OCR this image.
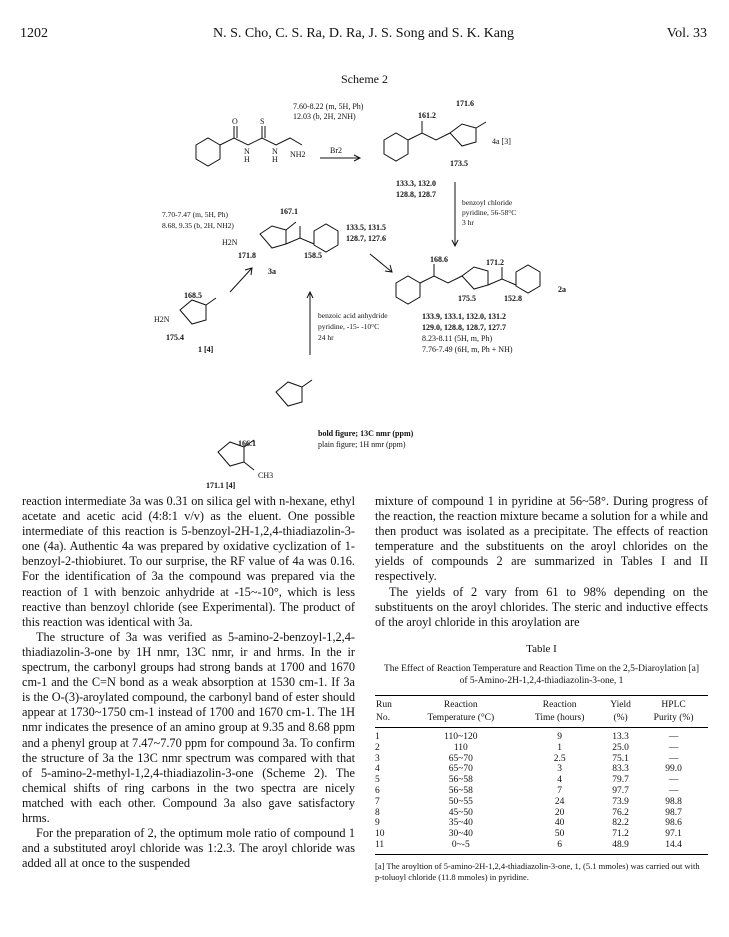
1202	N. S. Cho, C. S. Ra, D. Ra, J. S. Song and S. K. Kang	Vol. 33
Scheme 2
7.60-8.22 (m, 5H, Ph)
12.03 (b, 2H, 2NH)
O	S
N
H
N
H
NH2	Br2
161.2
171.6
173.5
4a [3]
133.3, 132.0
128.8, 128.7
benzoyl chloride
pyridine, 56-58°C
3 hr
7.70-7.47 (m, 5H, Ph)
8.68, 9.35 (b, 2H, NH2)
167.1
H2N
171.8	158.5
3a
133.5, 131.5
128.7, 127.6
168.6	171.2
175.5	152.8
2a
133.9, 133.1, 132.0, 131.2
129.0, 128.8, 128.7, 127.7
8.23-8.11 (5H, m, Ph)
7.76-7.49 (6H, m, Ph + NH)
168.5
H2N
175.4
1 [4]
benzoic acid anhydride
pyridine, -15- -10°C
24 hr
166.1
171.1 [4]
CH3
bold figure; 13C nmr (ppm)
plain figure; 1H nmr (ppm)

reaction intermediate 3a was 0.31 on silica gel with n-hexane, ethyl acetate and acetic acid (4:8:1 v/v) as the eluent. One possible intermediate of this reaction is 5-benzoyl-2H-1,2,4-thiadiazolin-3-one (4a). Authentic 4a was prepared by oxidative cyclization of 1-benzoyl-2-thiobiuret. To our surprise, the RF value of 4a was 0.16. For the identification of 3a the compound was prepared via the reaction of 1 with benzoic anhydride at -15~-10°, which is less reactive than benzoyl chloride (see Experimental). The product of this reaction was identical with 3a.

The structure of 3a was verified as 5-amino-2-benzoyl-1,2,4-thiadiazolin-3-one by 1H nmr, 13C nmr, ir and hrms. In the ir spectrum, the carbonyl groups had strong bands at 1700 and 1670 cm-1 and the C=N bond as a weak absorption at 1530 cm-1. If 3a is the O-(3)-aroylated compound, the carbonyl band of ester should appear at 1730~1750 cm-1 instead of 1700 and 1670 cm-1. The 1H nmr indicates the presence of an amino group at 9.35 and 8.68 ppm and a phenyl group at 7.47~7.70 ppm for compound 3a. To confirm the structure of 3a the 13C nmr spectrum was compared with that of 5-amino-2-methyl-1,2,4-thiadiazolin-3-one (Scheme 2). The chemical shifts of ring carbons in the two spectra are nicely matched with each other. Compound 3a also gave satisfactory hrms.

For the preparation of 2, the optimum mole ratio of compound 1 and a substituted aroyl chloride was 1:2.3. The aroyl chloride was added all at once to the suspended

mixture of compound 1 in pyridine at 56~58°. During progress of the reaction, the reaction mixture became a solution for a while and then product was isolated as a precipitate. The effects of reaction temperature and the substituents on the aroyl chlorides on the yields of compounds 2 are summarized in Tables I and II respectively.

The yields of 2 vary from 61 to 98% depending on the substituents on the aroyl chlorides. The steric and inductive effects of the aroyl chloride in this aroylation are

Table I
The Effect of Reaction Temperature and Reaction Time on the 2,5-Diaroylation [a] of 5-Amino-2H-1,2,4-thiadiazolin-3-one, 1
Run	Reaction	Reaction	Yield	HPLC
No.	Temperature (°C)	Time (hours)	(%)	Purity (%)
1	110~120	9	13.3	—
2	110	1	25.0	—
3	65~70	2.5	75.1	—
4	65~70	3	83.3	99.0
5	56~58	4	79.7	—
6	56~58	7	97.7	—
7	50~55	24	73.9	98.8
8	45~50	20	76.2	98.7
9	35~40	40	82.2	98.6
10	30~40	50	71.2	97.1
11	0~-5	6	48.9	14.4
[a] The aroyltion of 5-amino-2H-1,2,4-thiadiazolin-3-one, 1, (5.1 mmoles) was carried out with p-toluoyl chloride (11.8 mmoles) in pyridine.
